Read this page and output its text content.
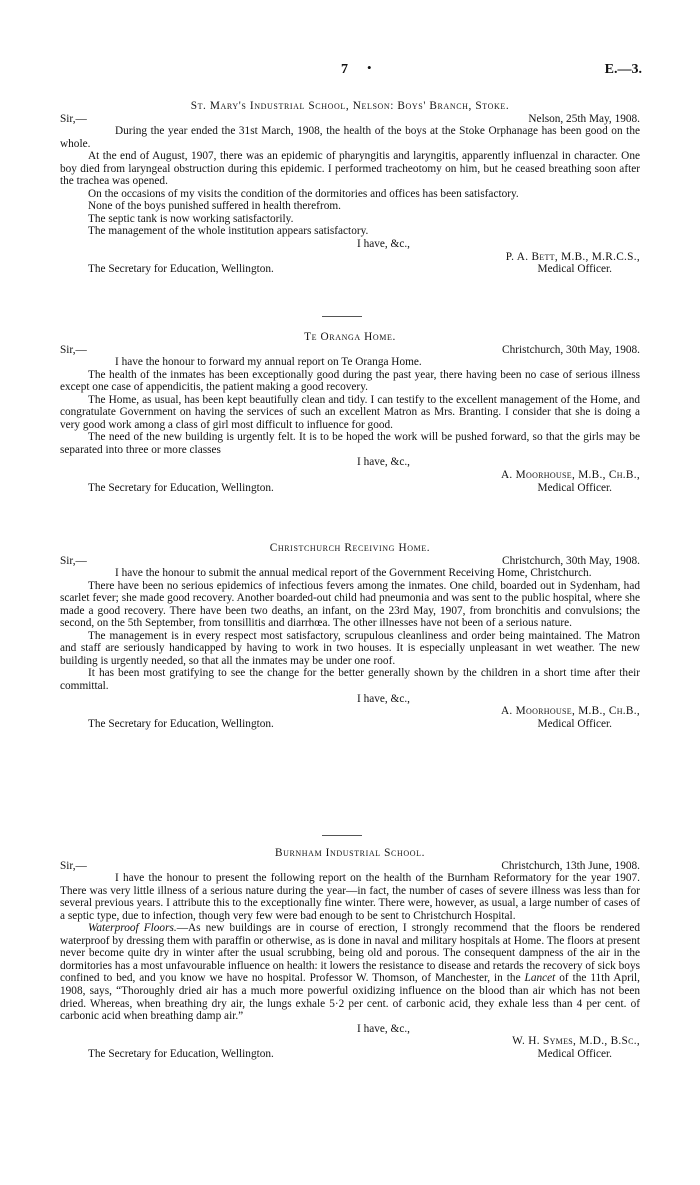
7 •	E.—3.
St. Mary's Industrial School, Nelson: Boys' Branch, Stoke.
Sir,—	Nelson, 25th May, 1908.

During the year ended the 31st March, 1908, the health of the boys at the Stoke Orphanage has been good on the whole.

At the end of August, 1907, there was an epidemic of pharyngitis and laryngitis, apparently influenzal in character. One boy died from laryngeal obstruction during this epidemic. I performed tracheotomy on him, but he ceased breathing soon after the trachea was opened.

On the occasions of my visits the condition of the dormitories and offices has been satisfactory.

None of the boys punished suffered in health therefrom.

The septic tank is now working satisfactorily.

The management of the whole institution appears satisfactory.

I have, &c.,
P. A. Bett, M.B., M.R.C.S.,
The Secretary for Education, Wellington.	Medical Officer.
Te Oranga Home.
Sir,—	Christchurch, 30th May, 1908.

I have the honour to forward my annual report on Te Oranga Home.

The health of the inmates has been exceptionally good during the past year, there having been no case of serious illness except one case of appendicitis, the patient making a good recovery.

The Home, as usual, has been kept beautifully clean and tidy. I can testify to the excellent management of the Home, and congratulate Government on having the services of such an excellent Matron as Mrs. Branting. I consider that she is doing a very good work among a class of girl most difficult to influence for good.

The need of the new building is urgently felt. It is to be hoped the work will be pushed forward, so that the girls may be separated into three or more classes

I have, &c.,
A. Moorhouse, M.B., Ch.B.,
The Secretary for Education, Wellington.	Medical Officer.
Christchurch Receiving Home.
Sir,—	Christchurch, 30th May, 1908.

I have the honour to submit the annual medical report of the Government Receiving Home, Christchurch.

There have been no serious epidemics of infectious fevers among the inmates. One child, boarded out in Sydenham, had scarlet fever; she made good recovery. Another boarded-out child had pneumonia and was sent to the public hospital, where she made a good recovery. There have been two deaths, an infant, on the 23rd May, 1907, from bronchitis and convulsions; the second, on the 5th September, from tonsillitis and diarrhœa. The other illnesses have not been of a serious nature.

The management is in every respect most satisfactory, scrupulous cleanliness and order being maintained. The Matron and staff are seriously handicapped by having to work in two houses. It is especially unpleasant in wet weather. The new building is urgently needed, so that all the inmates may be under one roof.

It has been most gratifying to see the change for the better generally shown by the children in a short time after their committal.

I have, &c.,
A. Moorhouse, M.B., Ch.B.,
The Secretary for Education, Wellington.	Medical Officer.
Burnham Industrial School.
Sir,—	Christchurch, 13th June, 1908.

I have the honour to present the following report on the health of the Burnham Reformatory for the year 1907. There was very little illness of a serious nature during the year—in fact, the number of cases of severe illness was less than for several previous years. I attribute this to the exceptionally fine winter. There were, however, as usual, a large number of cases of a septic type, due to infection, though very few were bad enough to be sent to Christchurch Hospital.

Waterproof Floors.—As new buildings are in course of erection, I strongly recommend that the floors be rendered waterproof by dressing them with paraffin or otherwise, as is done in naval and military hospitals at Home. The floors at present never become quite dry in winter after the usual scrubbing, being old and porous. The consequent dampness of the air in the dormitories has a most unfavourable influence on health: it lowers the resistance to disease and retards the recovery of sick boys confined to bed, and you know we have no hospital. Professor W. Thomson, of Manchester, in the Lancet of the 11th April, 1908, says, “Thoroughly dried air has a much more powerful oxidizing influence on the blood than air which has not been dried. Whereas, when breathing dry air, the lungs exhale 5·2 per cent. of carbonic acid, they exhale less than 4 per cent. of carbonic acid when breathing damp air.”

I have, &c.,
W. H. Symes, M.D., B.Sc.,
The Secretary for Education, Wellington.	Medical Officer.
